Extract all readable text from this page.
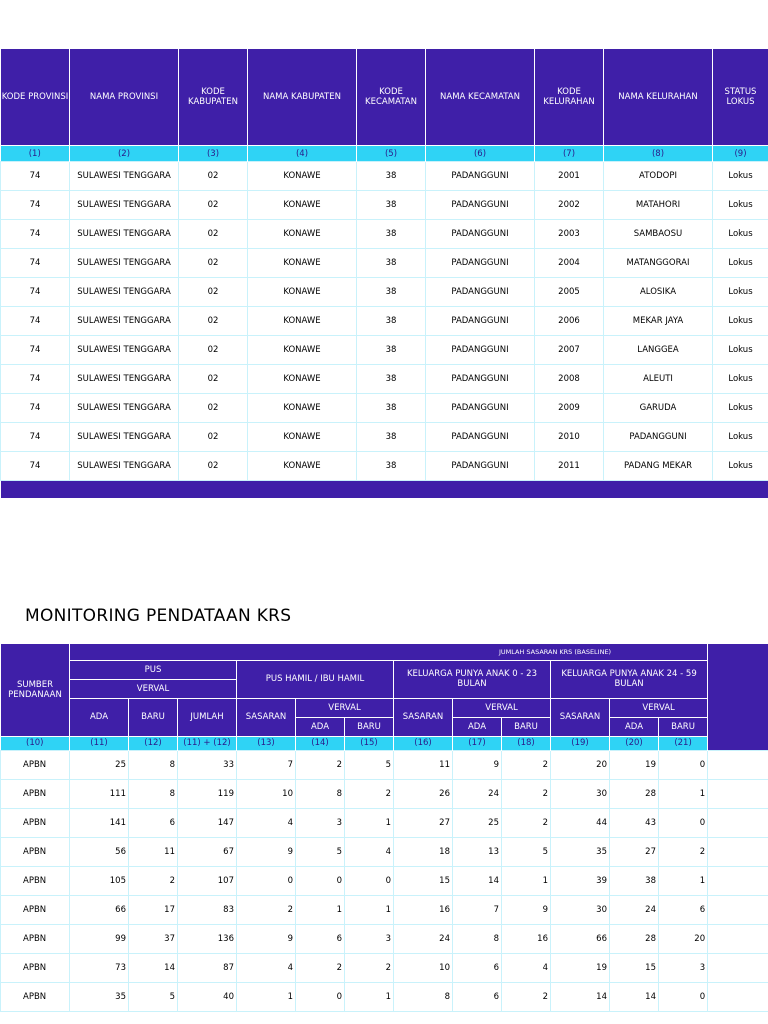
KODE PROVINSI	NAMA PROVINSI	KODE KABUPATEN	NAMA KABUPATEN	KODE KECAMATAN	NAMA KECAMATAN	KODE KELURAHAN	NAMA KELURAHAN	STATUS LOKUS
(1)	(2)	(3)	(4)	(5)	(6)	(7)	(8)	(9)
74	SULAWESI TENGGARA	02	KONAWE	38	PADANGGUNI	2001	ATODOPI	Lokus
74	SULAWESI TENGGARA	02	KONAWE	38	PADANGGUNI	2002	MATAHORI	Lokus
74	SULAWESI TENGGARA	02	KONAWE	38	PADANGGUNI	2003	SAMBAOSU	Lokus
74	SULAWESI TENGGARA	02	KONAWE	38	PADANGGUNI	2004	MATANGGORAI	Lokus
74	SULAWESI TENGGARA	02	KONAWE	38	PADANGGUNI	2005	ALOSIKA	Lokus
74	SULAWESI TENGGARA	02	KONAWE	38	PADANGGUNI	2006	MEKAR JAYA	Lokus
74	SULAWESI TENGGARA	02	KONAWE	38	PADANGGUNI	2007	LANGGEA	Lokus
74	SULAWESI TENGGARA	02	KONAWE	38	PADANGGUNI	2008	ALEUTI	Lokus
74	SULAWESI TENGGARA	02	KONAWE	38	PADANGGUNI	2009	GARUDA	Lokus
74	SULAWESI TENGGARA	02	KONAWE	38	PADANGGUNI	2010	PADANGGUNI	Lokus
74	SULAWESI TENGGARA	02	KONAWE	38	PADANGGUNI	2011	PADANG MEKAR	Lokus

MONITORING PENDATAAN KRS
SUMBER PENDANAAN	JUMLAH SASARAN KRS (BASELINE)												
	PUS			PUS HAMIL / IBU HAMIL			KELUARGA PUNYA ANAK 0 - 23 BULAN			KELUARGA PUNYA ANAK 24 - 59 BULAN			
	VERVAL												
	ADA	BARU	JUMLAH	SASARAN	VERVAL		SASARAN	VERVAL		SASARAN	VERVAL		
					ADA	BARU		ADA	BARU		ADA	BARU	
(10)	(11)	(12)	(11) + (12)	(13)	(14)	(15)	(16)	(17)	(18)	(19)	(20)	(21)	
APBN	25	8	33	7	2	5	11	9	2	20	19	0	
APBN	111	8	119	10	8	2	26	24	2	30	28	1	
APBN	141	6	147	4	3	1	27	25	2	44	43	0	
APBN	56	11	67	9	5	4	18	13	5	35	27	2	
APBN	105	2	107	0	0	0	15	14	1	39	38	1	
APBN	66	17	83	2	1	1	16	7	9	30	24	6	
APBN	99	37	136	9	6	3	24	8	16	66	28	20	
APBN	73	14	87	4	2	2	10	6	4	19	15	3	
APBN	35	5	40	1	0	1	8	6	2	14	14	0	
